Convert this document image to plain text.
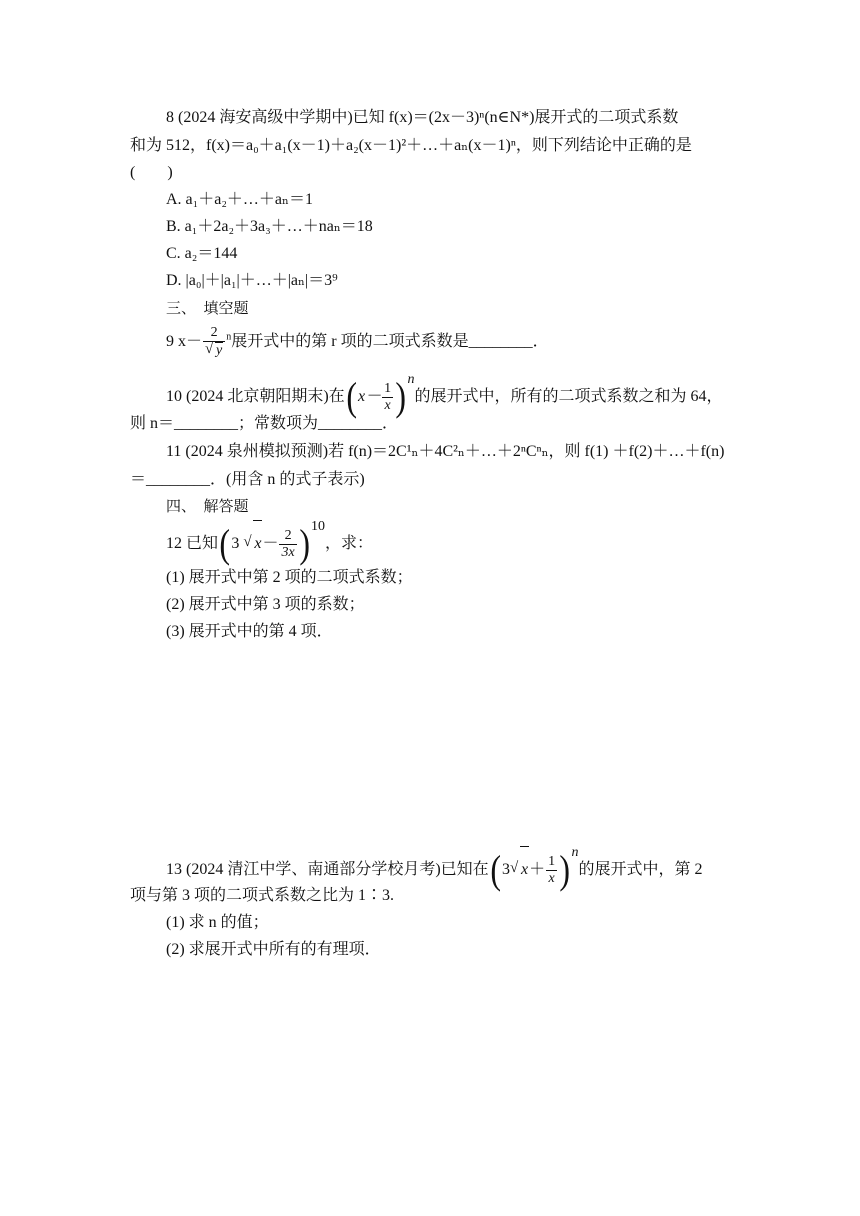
8 (2024 海安高级中学期中)已知 f(x)＝(2x－3)ⁿ(n∈N*)展开式的二项式系数
和为 512，f(x)＝a₀＋a₁(x－1)＋a₂(x－1)²＋…＋aₙ(x－1)ⁿ，则下列结论中正确的是
(　　)
A. a₁＋a₂＋…＋aₙ＝1
B. a₁＋2a₂＋3a₃＋…＋naₙ＝18
C. a₂＝144
D. |a₀|＋|a₁|＋…＋|aₙ|＝3⁹
三、　填空题
9 x－ 2
√ y $^n$展开式中的第 r 项的二项式系数是________．
10 (2024 北京朝阳期末)在$(x- \frac{1}{x} )^n$的展开式中，所有的二项式系数之和为 64，
则 n＝________；常数项为________．
11 (2024 泉州模拟预测)若 f(n)＝2C¹ₙ＋4C²ₙ＋…＋2ⁿCⁿₙ，则 f(1) ＋f(2)＋…＋f(n)
＝________．(用含 n 的式子表示)
四、　解答题
12 已知(3 √ $x- \frac{2}{3x} )^{10}$，求：
(1) 展开式中第 2 项的二项式系数；
(2) 展开式中第 3 项的系数；
(3) 展开式中的第 4 项．
13 (2024 清江中学、南通部分学校月考)已知在(3 √ $x+ \frac{1}{x} )^n$的展开式中，第 2
项与第 3 项的二项式系数之比为 1∶3.
(1) 求 n 的值；
(2) 求展开式中所有的有理项．
